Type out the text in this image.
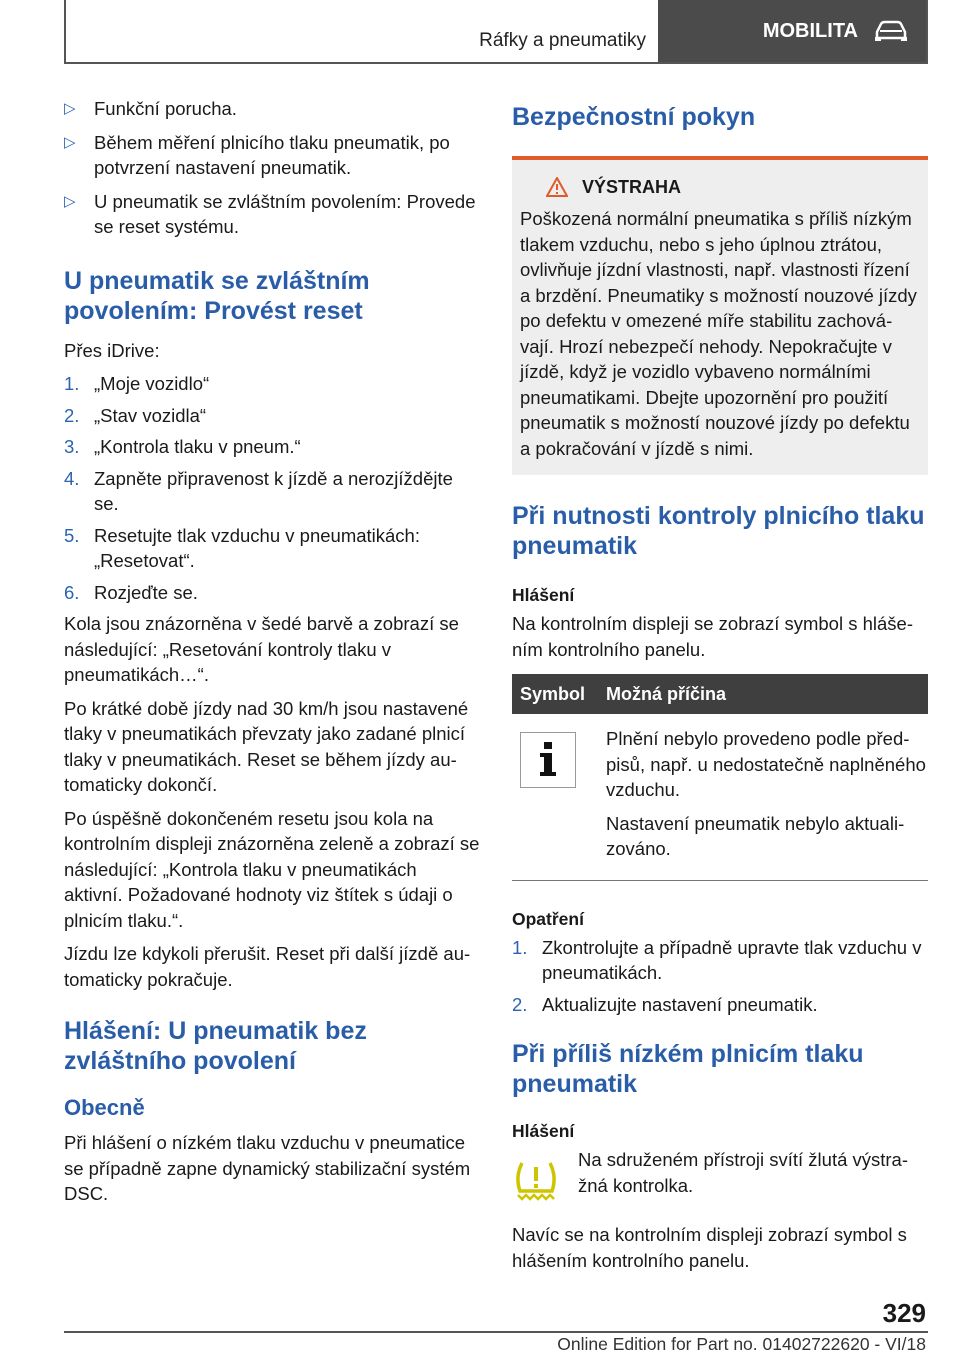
Ráfky a pneumatiky	MOBILITA
▷ Funkční porucha.
▷ Během měření plnicího tlaku pneumatik, po potvrzení nastavení pneumatik.
▷ U pneumatik se zvláštním povolením: Provede se reset systému.
U pneumatik se zvláštním povolením: Provést reset
Přes iDrive:
1. „Moje vozidlo“
2. „Stav vozidla“
3. „Kontrola tlaku v pneum.“
4. Zapněte připravenost k jízdě a nerozjíždějte se.
5. Resetujte tlak vzduchu v pneumatikách: „Resetovat“.
6. Rozjeďte se.
Kola jsou znázorněna v šedé barvě a zobrazí se následující: „Resetování kontroly tlaku v pneumatikách…“.
Po krátké době jízdy nad 30 km/h jsou nastavené tlaky v pneumatikách převzaty jako zadané plnicí tlaky v pneumatikách. Reset se během jízdy automaticky dokončí.
Po úspěšně dokončeném resetu jsou kola na kontrolním displeji znázorněna zeleně a zobrazí se následující: „Kontrola tlaku v pneumatikách aktivní. Požadované hodnoty viz štítek s údaji o plnicím tlaku.“.
Jízdu lze kdykoli přerušit. Reset při další jízdě automaticky pokračuje.
Hlášení: U pneumatik bez zvláštního povolení
Obecně
Při hlášení o nízkém tlaku vzduchu v pneumatice se případně zapne dynamický stabilizační systém DSC.
Bezpečnostní pokyn
VÝSTRAHA
Poškozená normální pneumatika s příliš nízkým tlakem vzduchu, nebo s jeho úplnou ztrátou, ovlivňuje jízdní vlastnosti, např. vlastnosti řízení a brzdění. Pneumatiky s možností nouzové jízdy po defektu v omezené míře stabilitu zachovávají. Hrozí nebezpečí nehody. Nepokračujte v jízdě, když je vozidlo vybaveno normálními pneumatikami. Dbejte upozornění pro použití pneumatik s možností nouzové jízdy po defektu a pokračování v jízdě s nimi.
Při nutnosti kontroly plnicího tlaku pneumatik
Hlášení
Na kontrolním displeji se zobrazí symbol s hlášením kontrolního panelu.
Symbol	Možná příčina
Plnění nebylo provedeno podle předpisů, např. u nedostatečně naplněného vzduchu.
Nastavení pneumatik nebylo aktualizováno.
Opatření
1. Zkontrolujte a případně upravte tlak vzduchu v pneumatikách.
2. Aktualizujte nastavení pneumatik.
Při příliš nízkém plnicím tlaku pneumatik
Hlášení
Na sdruženém přístroji svítí žlutá výstražná kontrolka.
Navíc se na kontrolním displeji zobrazí symbol s hlášením kontrolního panelu.
329
Online Edition for Part no. 01402722620 - VI/18
